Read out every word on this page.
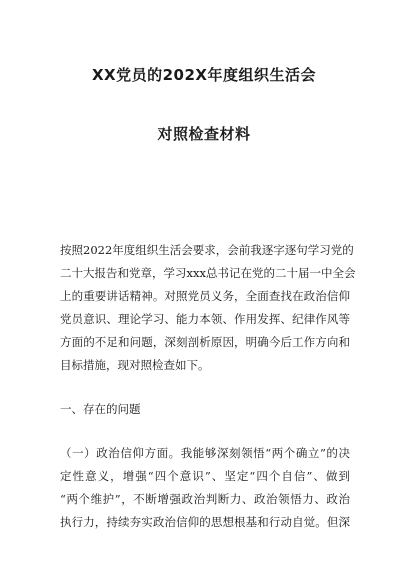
XX党员的202X年度组织生活会
对照检查材料
按照2022年度组织生活会要求，会前我逐字逐句学习党的
二十大报告和党章，学习xxx总书记在党的二十届一中全会
上的重要讲话精神。对照党员义务，全面查找在政治信仰
党员意识、理论学习、能力本领、作用发挥、纪律作风等
方面的不足和问题，深刻剖析原因，明确今后工作方向和
目标措施，现对照检查如下。
一、存在的问题
（一）政治信仰方面。我能够深刻领悟“两个确立”的决
定性意义，增强“四个意识”、坚定“四个自信”、做到
“两个维护”，不断增强政治判断力、政治领悟力、政治
执行力，持续夯实政治信仰的思想根基和行动自觉。但深
